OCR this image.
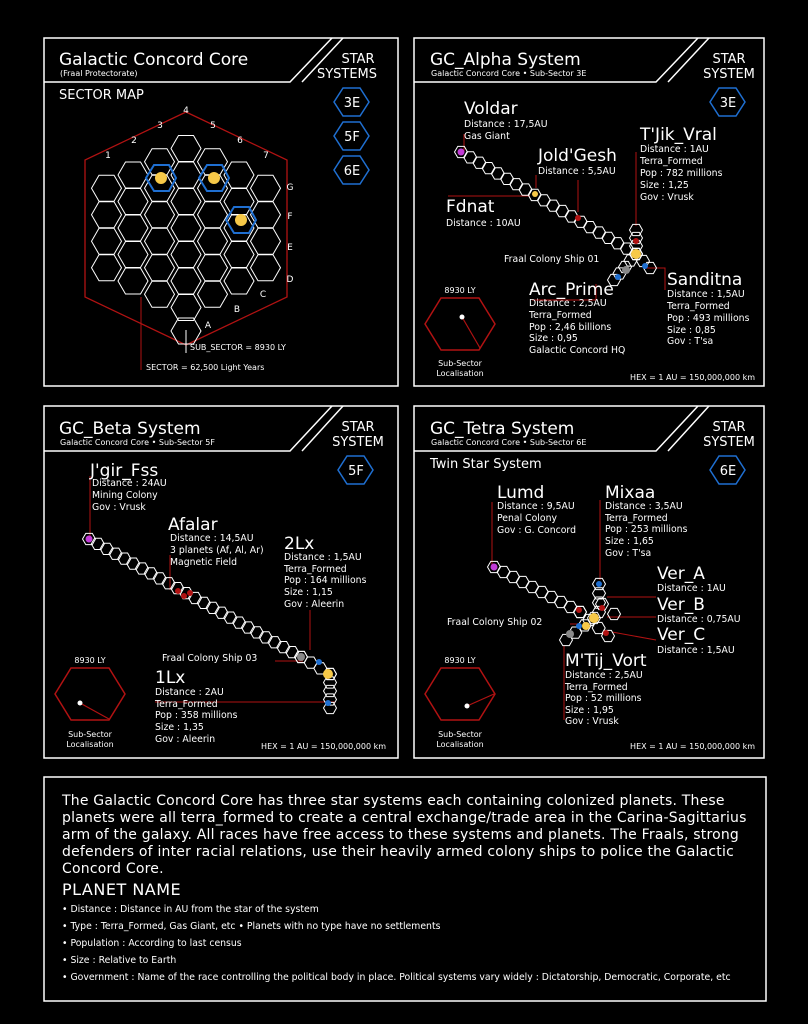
Galactic Concord Core
(Fraal Protectorate)
STAR
SYSTEMS
SECTOR MAP
1
2
3
4
5
6
7
G
F
E
D
C
B
A
SUB_SECTOR = 8930 LY
SECTOR = 62,500 Light Years
3E
5F
6E
GC_Alpha System
Galactic Concord Core • Sub-Sector 3E
STAR
SYSTEM
3E
Voldar
Distance : 17,5AU
Gas Giant
Jold'Gesh
Distance : 5,5AU
T'Jik_Vral
Distance : 1AU
Terra_Formed
Pop : 782 millions
Size : 1,25
Gov : Vrusk
Fdnat
Distance : 10AU
Fraal Colony Ship 01
Arc_Prime
Distance : 2,5AU
Terra_Formed
Pop : 2,46 billions
Size : 0,95
Galactic Concord HQ
Sanditna
Distance : 1,5AU
Terra_Formed
Pop : 493 millions
Size : 0,85
Gov : T'sa
8930 LY
Sub-Sector
Localisation	HEX = 1 AU = 150,000,000 km
GC_Beta System
Galactic Concord Core • Sub-Sector 5F
STAR
SYSTEM
5F
J'gir_Fss
Distance : 24AU
Mining Colony
Gov : Vrusk
Afalar
Distance : 14,5AU
3 planets (Af, Al, Ar)
Magnetic Field
2Lx
Distance : 1,5AU
Terra_Formed
Pop : 164 millions
Size : 1,15
Gov : Aleerin
Fraal Colony Ship 03
1Lx
Distance : 2AU
Terra_Formed
Pop : 358 millions
Size : 1,35
Gov : Aleerin
8930 LY
Sub-Sector
Localisation	HEX = 1 AU = 150,000,000 km
GC_Tetra System
Galactic Concord Core • Sub-Sector 6E
STAR
SYSTEM
Twin Star System	6E
Lumd
Distance : 9,5AU
Penal Colony
Gov : G. Concord
Mixaa
Distance : 3,5AU
Terra_Formed
Pop : 253 millions
Size : 1,65
Gov : T'sa
Ver_A
Distance : 1AU
Ver_B
Distance : 0,75AU
Ver_C
Distance : 1,5AU
Fraal Colony Ship 02
M'Tij_Vort
Distance : 2,5AU
Terra_Formed
Pop : 52 millions
Size : 1,95
Gov : Vrusk
8930 LY
Sub-Sector
Localisation	HEX = 1 AU = 150,000,000 km
The Galactic Concord Core has three star systems each containing colonized planets. These planets were all terra_formed to create a central exchange/trade area in the Carina-Sagittarius arm of the galaxy. All races have free access to these systems and planets. The Fraals, strong defenders of inter racial relations, use their heavily armed colony ships to police the Galactic Concord Core.
PLANET NAME
• Distance : Distance in AU from the star of the system
• Type : Terra_Formed, Gas Giant, etc • Planets with no type have no settlements
• Population : According to last census
• Size : Relative to Earth
• Government : Name of the race controlling the political body in place. Political systems vary widely : Dictatorship, Democratic, Corporate, etc
